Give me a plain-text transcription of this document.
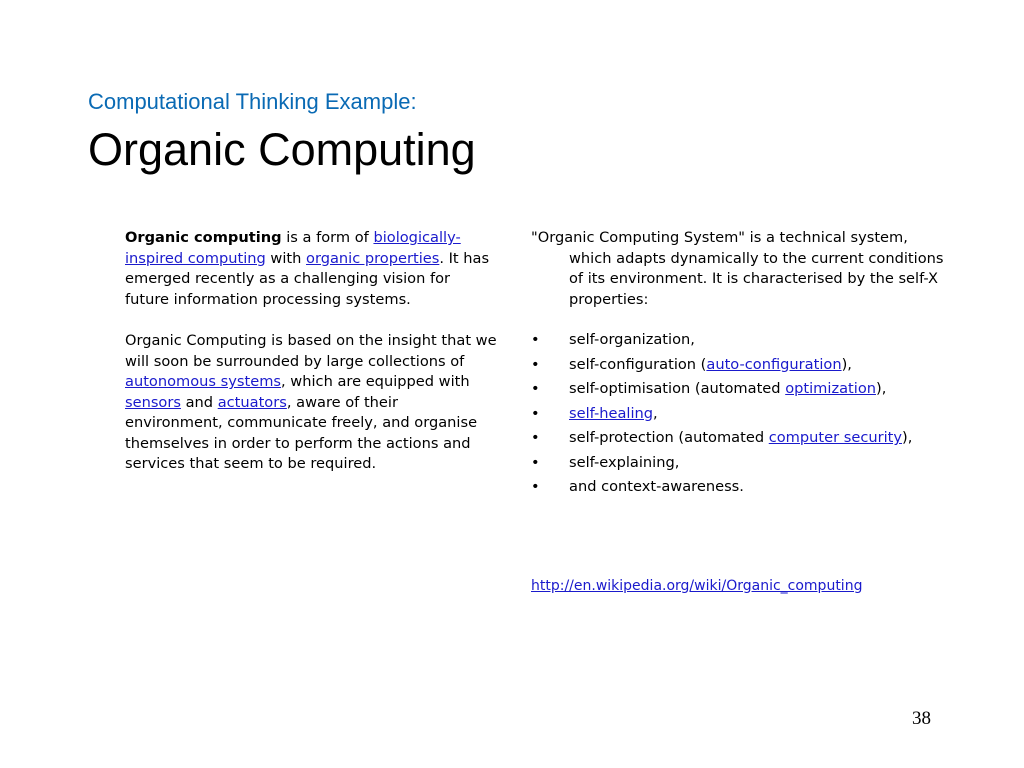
Computational Thinking Example:
Organic Computing

Organic computing is a form of biologically-inspired computing with organic properties. It has emerged recently as a challenging vision for future information processing systems.

Organic Computing is based on the insight that we will soon be surrounded by large collections of autonomous systems, which are equipped with sensors and actuators, aware of their environment, communicate freely, and organise themselves in order to perform the actions and services that seem to be required.

"Organic Computing System" is a technical system, which adapts dynamically to the current conditions of its environment. It is characterised by the self-X properties:

•	self-organization,
•	self-configuration (auto-configuration),
•	self-optimisation (automated optimization),
•	self-healing,
•	self-protection (automated computer security),
•	self-explaining,
•	and context-awareness.
http://en.wikipedia.org/wiki/Organic_computing
38
